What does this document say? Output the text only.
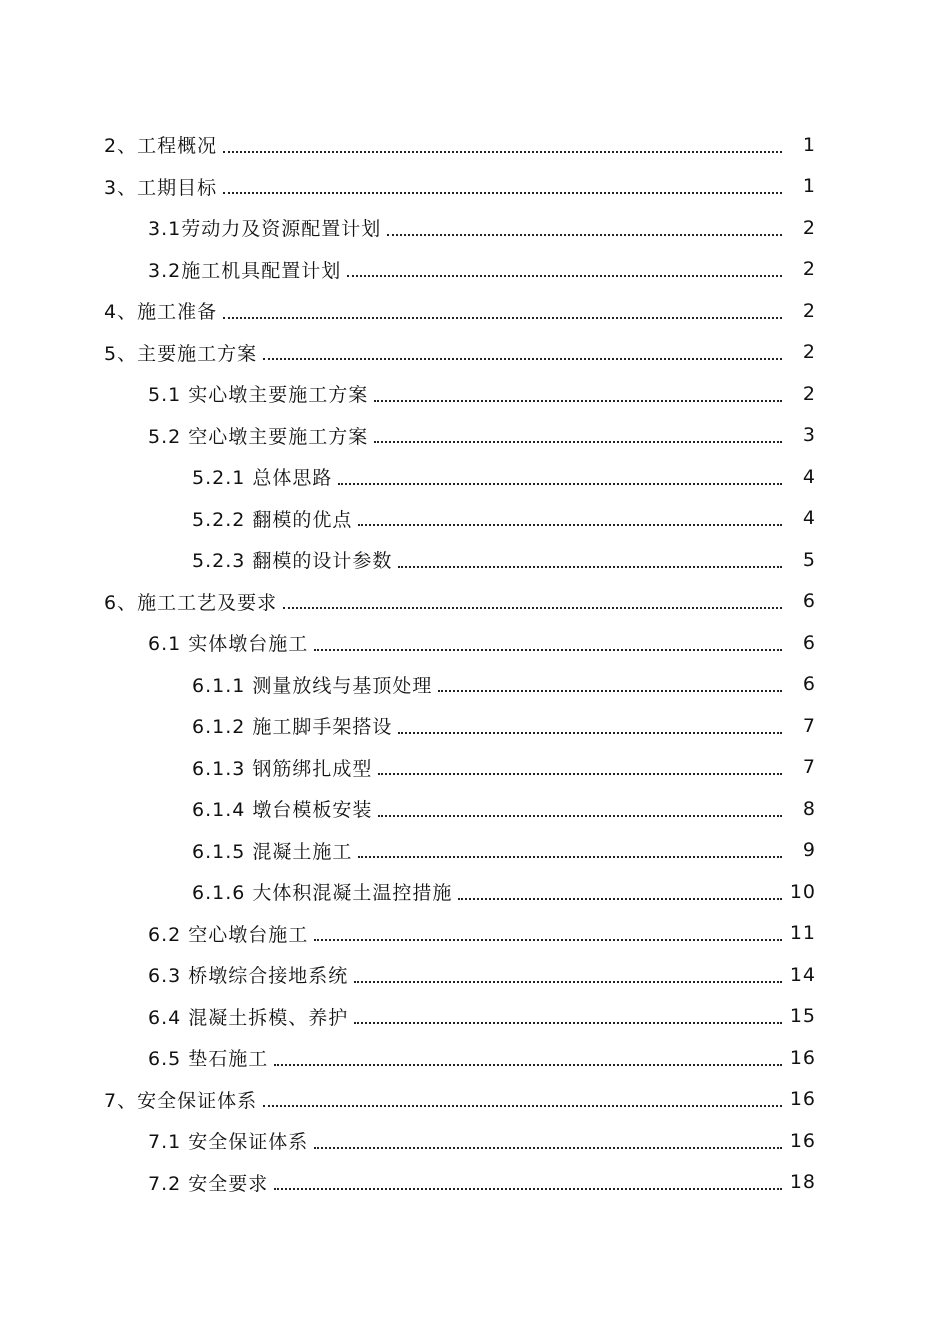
2、工程概况	1
3、工期目标	1
3.1劳动力及资源配置计划	2
3.2施工机具配置计划	2
4、施工准备	2
5、主要施工方案	2
5.1 实心墩主要施工方案	2
5.2 空心墩主要施工方案	3
5.2.1 总体思路	4
5.2.2 翻模的优点	4
5.2.3 翻模的设计参数	5
6、施工工艺及要求	6
6.1 实体墩台施工	6
6.1.1 测量放线与基顶处理	6
6.1.2 施工脚手架搭设	7
6.1.3 钢筋绑扎成型	7
6.1.4 墩台模板安装	8
6.1.5 混凝土施工	9
6.1.6 大体积混凝土温控措施	10
6.2 空心墩台施工	11
6.3 桥墩综合接地系统	14
6.4 混凝土拆模、养护	15
6.5 垫石施工	16
7、安全保证体系	16
7.1 安全保证体系	16
7.2 安全要求	18
